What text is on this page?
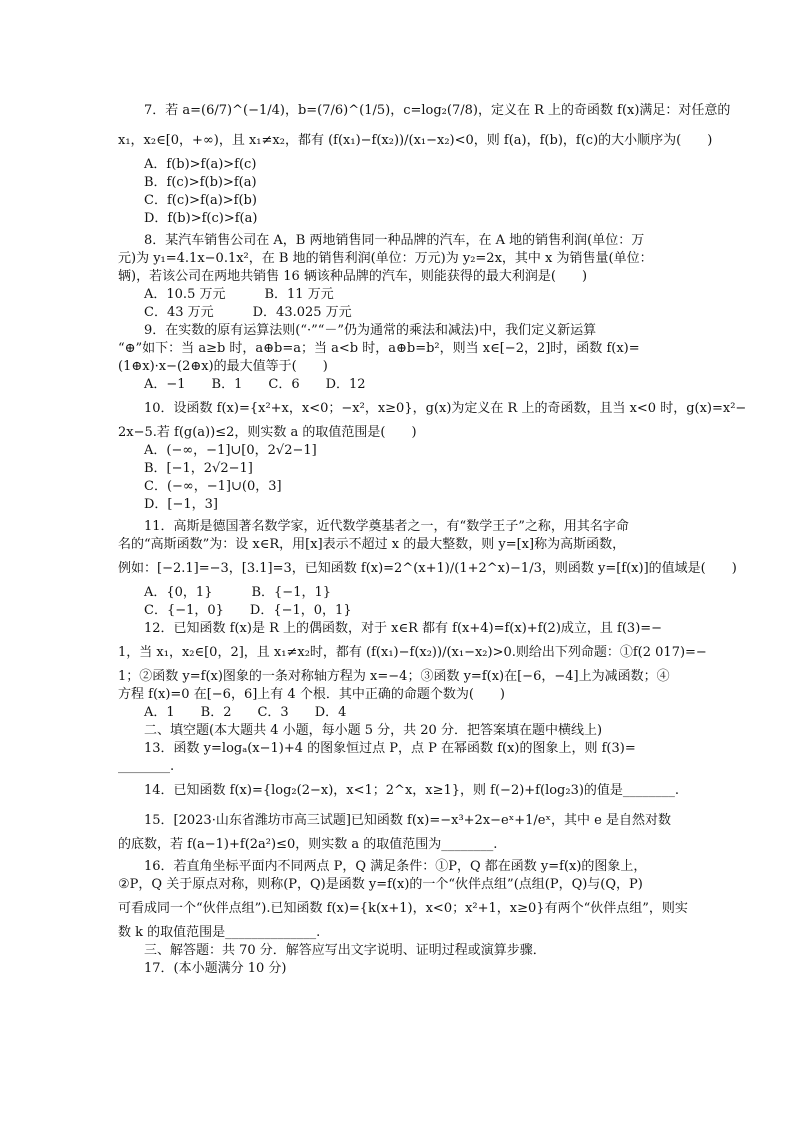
7．若 a=(6/7)^(−1/4)，b=(7/6)^(1/5)，c=log₂(7/8)，定义在 R 上的奇函数 f(x)满足：对任意的
x₁，x₂∈[0，+∞)，且 x₁≠x₂，都有 (f(x₁)−f(x₂))/(x₁−x₂)<0，则 f(a)，f(b)，f(c)的大小顺序为(　　)
A．f(b)>f(a)>f(c)
B．f(c)>f(b)>f(a)
C．f(c)>f(a)>f(b)
D．f(b)>f(c)>f(a)
8．某汽车销售公司在 A，B 两地销售同一种品牌的汽车，在 A 地的销售利润(单位：万
元)为 y₁=4.1x−0.1x²，在 B 地的销售利润(单位：万元)为 y₂=2x，其中 x 为销售量(单位：
辆)，若该公司在两地共销售 16 辆该种品牌的汽车，则能获得的最大利润是(　　)
A．10.5 万元　　　B．11 万元
C．43 万元　　　D．43.025 万元
9．在实数的原有运算法则(“·”“－”仍为通常的乘法和减法)中，我们定义新运算
“⊕”如下：当 a≥b 时，a⊕b=a；当 a<b 时，a⊕b=b²，则当 x∈[−2，2]时，函数 f(x)=
(1⊕x)·x−(2⊕x)的最大值等于(　　)
A．−1　　B．1　　C．6　　D．12
10．设函数 f(x)={x²+x，x<0；−x²，x≥0}，g(x)为定义在 R 上的奇函数，且当 x<0 时，g(x)=x²−
2x−5.若 f(g(a))≤2，则实数 a 的取值范围是(　　)
A．(−∞，−1]∪[0，2√2−1]
B．[−1，2√2−1]
C．(−∞，−1]∪(0，3]
D．[−1，3]
11．高斯是德国著名数学家，近代数学奠基者之一，有“数学王子”之称，用其名字命
名的“高斯函数”为：设 x∈R，用[x]表示不超过 x 的最大整数，则 y=[x]称为高斯函数，
例如：[−2.1]=−3，[3.1]=3，已知函数 f(x)=2^(x+1)/(1+2^x)−1/3，则函数 y=[f(x)]的值域是(　　)
A．{0，1}　　　B．{−1，1}
C．{−1，0}　　D．{−1，0，1}
12．已知函数 f(x)是 R 上的偶函数，对于 x∈R 都有 f(x+4)=f(x)+f(2)成立，且 f(3)=−
1，当 x₁，x₂∈[0，2]，且 x₁≠x₂时，都有 (f(x₁)−f(x₂))/(x₁−x₂)>0.则给出下列命题：①f(2 017)=−
1；②函数 y=f(x)图象的一条对称轴方程为 x=−4；③函数 y=f(x)在[−6，−4]上为减函数；④
方程 f(x)=0 在[−6，6]上有 4 个根．其中正确的命题个数为(　　)
A．1　　B．2　　C．3　　D．4
二、填空题(本大题共 4 小题，每小题 5 分，共 20 分．把答案填在题中横线上)
13．函数 y=logₐ(x−1)+4 的图象恒过点 P，点 P 在幂函数 f(x)的图象上，则 f(3)=
________.
14．已知函数 f(x)={log₂(2−x)，x<1；2^x，x≥1}，则 f(−2)+f(log₂3)的值是________.
15．[2023·山东省潍坊市高三试题]已知函数 f(x)=−x³+2x−eˣ+1/eˣ，其中 e 是自然对数
的底数，若 f(a−1)+f(2a²)≤0，则实数 a 的取值范围为________.
16．若直角坐标平面内不同两点 P，Q 满足条件：①P，Q 都在函数 y=f(x)的图象上，
②P，Q 关于原点对称，则称(P，Q)是函数 y=f(x)的一个“伙伴点组”(点组(P，Q)与(Q，P)
可看成同一个“伙伴点组”).已知函数 f(x)={k(x+1)，x<0；x²+1，x≥0}有两个“伙伴点组”，则实
数 k 的取值范围是______________.
三、解答题：共 70 分．解答应写出文字说明、证明过程或演算步骤．
17．(本小题满分 10 分)
